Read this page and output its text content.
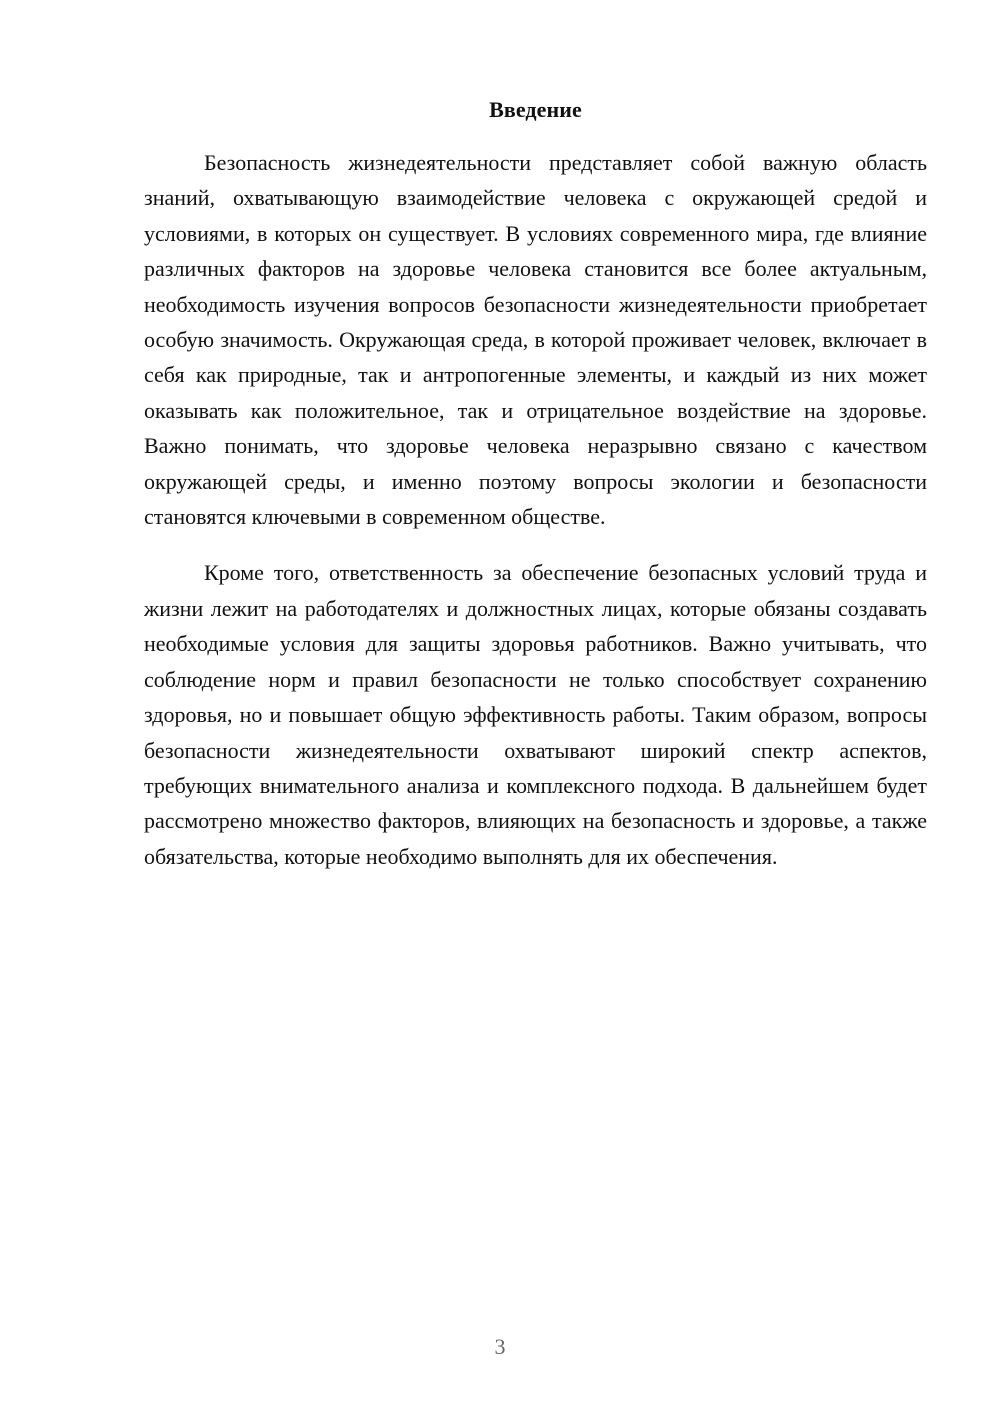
Введение

Безопасность жизнедеятельности представляет собой важную область знаний, охватывающую взаимодействие человека с окружающей средой и условиями, в которых он существует. В условиях современного мира, где влияние различных факторов на здоровье человека становится все более актуальным, необходимость изучения вопросов безопасности жизнедеятельности приобретает особую значимость. Окружающая среда, в которой проживает человек, включает в себя как природные, так и антропогенные элементы, и каждый из них может оказывать как положительное, так и отрицательное воздействие на здоровье. Важно понимать, что здоровье человека неразрывно связано с качеством окружающей среды, и именно поэтому вопросы экологии и безопасности становятся ключевыми в современном обществе.

Кроме того, ответственность за обеспечение безопасных условий труда и жизни лежит на работодателях и должностных лицах, которые обязаны создавать необходимые условия для защиты здоровья работников. Важно учитывать, что соблюдение норм и правил безопасности не только способствует сохранению здоровья, но и повышает общую эффективность работы. Таким образом, вопросы безопасности жизнедеятельности охватывают широкий спектр аспектов, требующих внимательного анализа и комплексного подхода. В дальнейшем будет рассмотрено множество факторов, влияющих на безопасность и здоровье, а также обязательства, которые необходимо выполнять для их обеспечения.

3
